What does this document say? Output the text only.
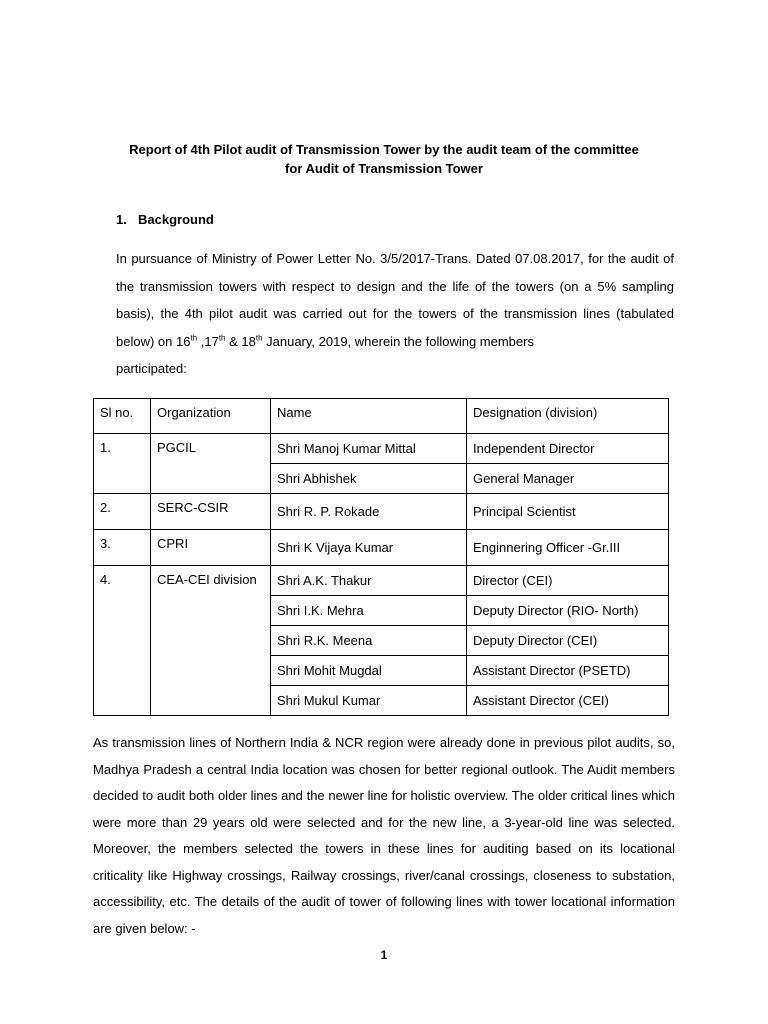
Report of 4th Pilot audit of Transmission Tower by the audit team of the committee
for Audit of Transmission Tower
1. Background
In pursuance of Ministry of Power Letter No. 3/5/2017-Trans. Dated 07.08.2017, for the audit of the transmission towers with respect to design and the life of the towers (on a 5% sampling basis), the 4th pilot audit was carried out for the towers of the transmission lines (tabulated below) on 16th ,17th & 18th January, 2019, wherein the following members
participated:
Sl no.	Organization	Name	Designation (division)
1.	PGCIL	Shri Manoj Kumar Mittal	Independent Director
		Shri Abhishek	General Manager
2.	SERC-CSIR	Shri R. P. Rokade	Principal Scientist
3.	CPRI	Shri K Vijaya Kumar	Enginnering Officer -Gr.III
4.	CEA-CEI division	Shri A.K. Thakur	Director (CEI)
		Shri I.K. Mehra	Deputy Director (RIO- North)
		Shri R.K. Meena	Deputy Director (CEI)
		Shri Mohit Mugdal	Assistant Director (PSETD)
		Shri Mukul Kumar	Assistant Director (CEI)
As transmission lines of Northern India & NCR region were already done in previous pilot audits, so, Madhya Pradesh a central India location was chosen for better regional outlook. The Audit members decided to audit both older lines and the newer line for holistic overview. The older critical lines which were more than 29 years old were selected and for the new line, a 3-year-old line was selected. Moreover, the members selected the towers in these lines for auditing based on its locational criticality like Highway crossings, Railway crossings, river/canal crossings, closeness to substation, accessibility, etc. The details of the audit of tower of following lines with tower locational information are given below: -
1
